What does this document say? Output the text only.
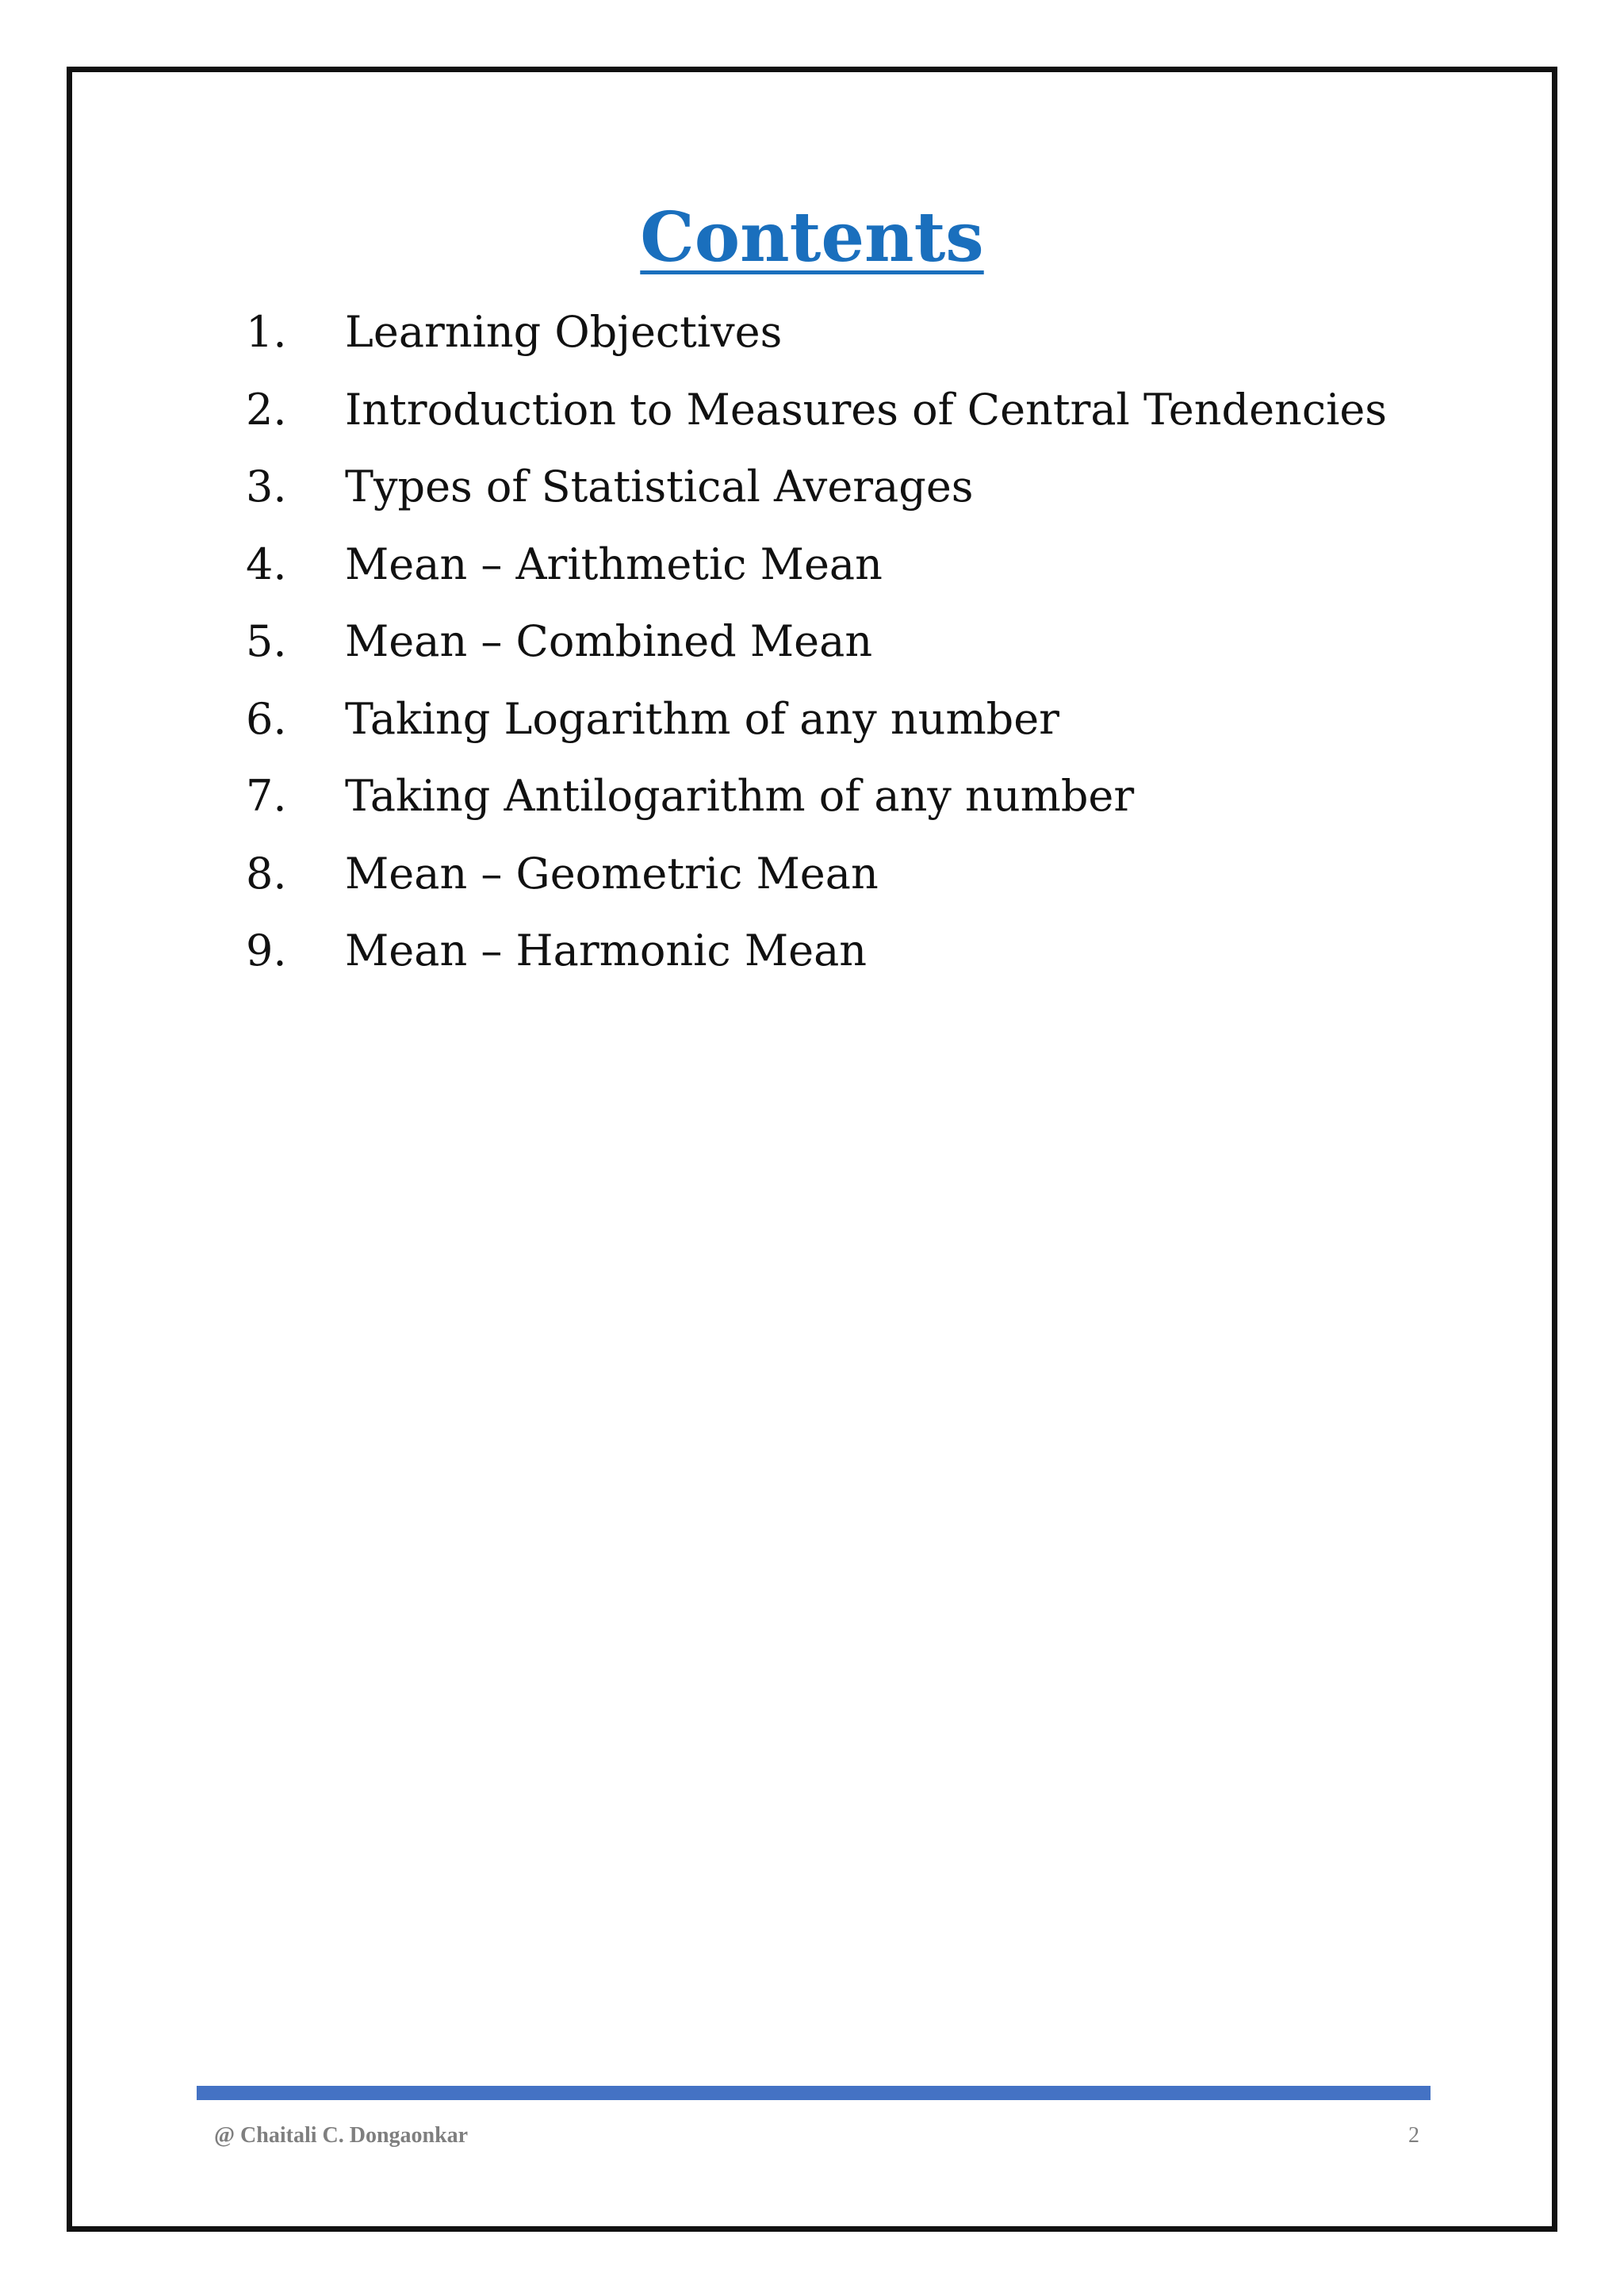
Contents
1.	Learning Objectives
2.	Introduction to Measures of Central Tendencies
3.	Types of Statistical Averages
4.	Mean – Arithmetic Mean
5.	Mean – Combined Mean
6.	Taking Logarithm of any number
7.	Taking Antilogarithm of any number
8.	Mean – Geometric Mean
9.	Mean – Harmonic Mean
@ Chaitali C. Dongaonkar	2
